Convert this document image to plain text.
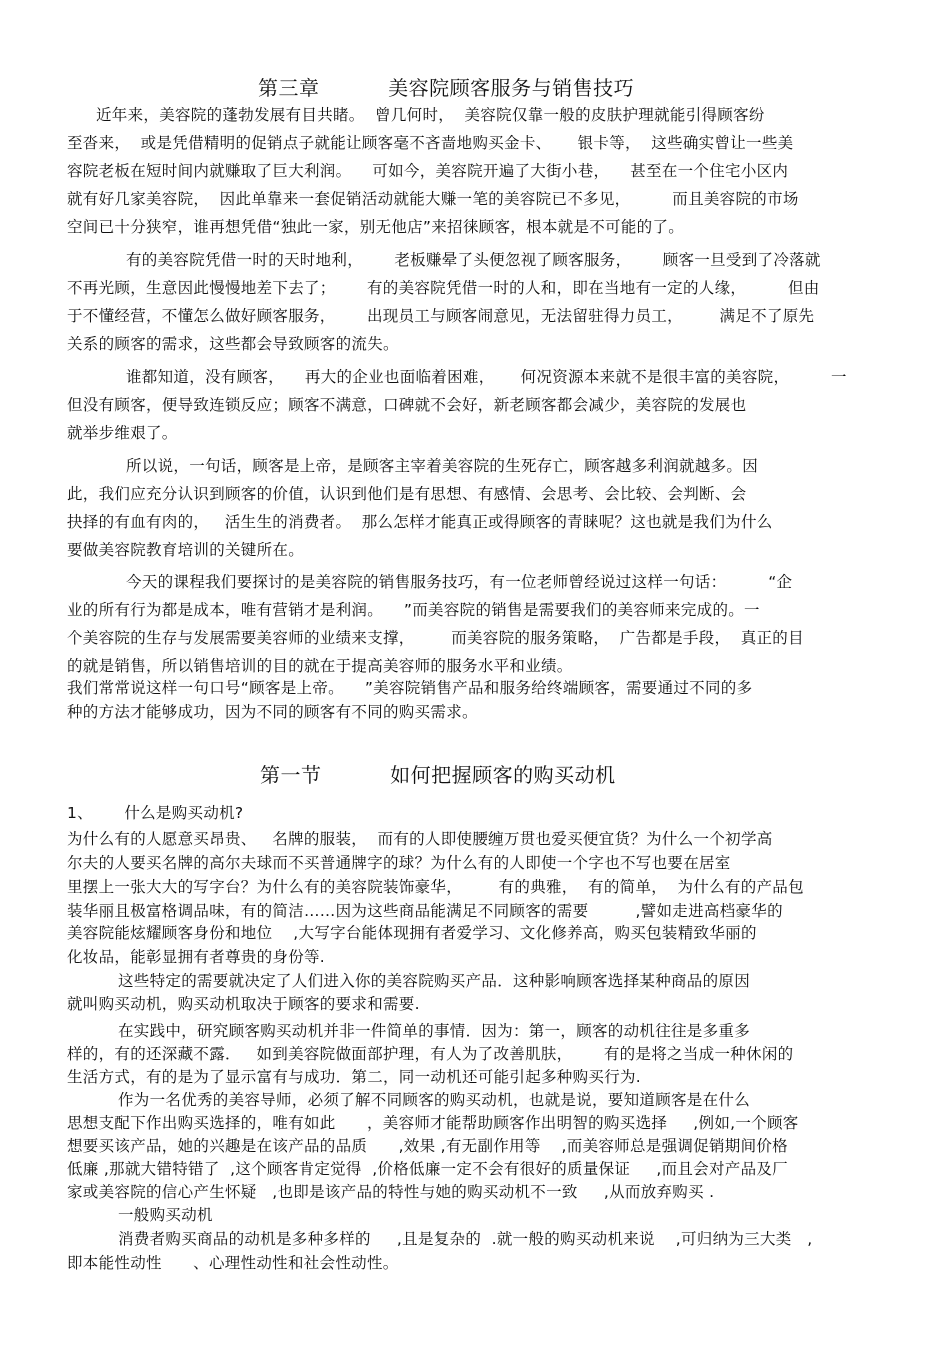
第三章          美容院顾客服务与销售技巧
近年来，美容院的蓬勃发展有目共睹。  曾几何时，  美容院仅靠一般的皮肤护理就能引得顾客纷
至沓来，  或是凭借精明的促销点子就能让顾客毫不吝啬地购买金卡、     银卡等，  这些确实曾让一些美
容院老板在短时间内就赚取了巨大利润。    可如今，美容院开遍了大街小巷，    甚至在一个住宅小区内
就有好几家美容院，  因此单靠来一套促销活动就能大赚一笔的美容院已不多见，        而且美容院的市场
空间已十分狭窄，谁再想凭借“独此一家，别无他店”来招徕顾客，根本就是不可能的了。
有的美容院凭借一时的天时地利，      老板赚晕了头便忽视了顾客服务，      顾客一旦受到了冷落就
不再光顾，生意因此慢慢地差下去了；      有的美容院凭借一时的人和，即在当地有一定的人缘，        但由
于不懂经营，不懂怎么做好顾客服务，      出现员工与顾客闹意见，无法留驻得力员工，       满足不了原先
关系的顾客的需求，这些都会导致顾客的流失。
谁都知道，没有顾客，    再大的企业也面临着困难，     何况资源本来就不是很丰富的美容院，        一
但没有顾客，便导致连锁反应；顾客不满意，口碑就不会好，新老顾客都会减少，美容院的发展也
就举步维艰了。
所以说，一句话，顾客是上帝，是顾客主宰着美容院的生死存亡，顾客越多利润就越多。因
此，我们应充分认识到顾客的价值，认识到他们是有思想、有感情、会思考、会比较、会判断、会
抉择的有血有肉的，   活生生的消费者。  那么怎样才能真正或得顾客的青睐呢？这也就是我们为什么
要做美容院教育培训的关键所在。
今天的课程我们要探讨的是美容院的销售服务技巧，有一位老师曾经说过这样一句话：        “企
业的所有行为都是成本，唯有营销才是利润。    ”而美容院的销售是需要我们的美容师来完成的。一
个美容院的生存与发展需要美容师的业绩来支撑，       而美容院的服务策略，  广告都是手段，  真正的目
的就是销售，所以销售培训的目的就在于提高美容师的服务水平和业绩。
我们常常说这样一句口号“顾客是上帝。    ”美容院销售产品和服务给终端顾客，需要通过不同的多
种的方法才能够成功，因为不同的顾客有不同的购买需求。
第一节          如何把握顾客的购买动机
1、      什么是购买动机?
为什么有的人愿意买昂贵、   名牌的服装，  而有的人即使腰缠万贯也爱买便宜货？为什么一个初学高
尔夫的人要买名牌的高尔夫球而不买普通牌字的球？为什么有的人即使一个字也不写也要在居室
里摆上一张大大的写字台？为什么有的美容院装饰豪华，       有的典雅，  有的简单，  为什么有的产品包
装华丽且极富格调品味，有的简洁……因为这些商品能满足不同顾客的需要         ,譬如走进高档豪华的
美容院能炫耀顾客身份和地位    ,大写字台能体现拥有者爱学习、文化修养高，购买包装精致华丽的
化妆品，能彰显拥有者尊贵的身份等.
这些特定的需要就决定了人们进入你的美容院购买产品．这种影响顾客选择某种商品的原因
就叫购买动机，购买动机取决于顾客的要求和需要.
在实践中，研究顾客购买动机并非一件简单的事情．因为：第一，顾客的动机往往是多重多
样的，有的还深藏不露．   如到美容院做面部护理，有人为了改善肌肤，      有的是将之当成一种休闲的
生活方式，有的是为了显示富有与成功．第二，同一动机还可能引起多种购买行为.
作为一名优秀的美容导师，必须了解不同顾客的购买动机，也就是说，要知道顾客是在什么
思想支配下作出购买选择的，唯有如此      ，美容师才能帮助顾客作出明智的购买选择     ,例如,一个顾客
想要买该产品，她的兴趣是在该产品的品质      ,效果 ,有无副作用等    ,而美容师总是强调促销期间价格
低廉 ,那就大错特错了  ,这个顾客肯定觉得  ,价格低廉一定不会有很好的质量保证     ,而且会对产品及厂
家或美容院的信心产生怀疑   ,也即是该产品的特性与她的购买动机不一致     ,从而放弃购买 .
一般购买动机
消费者购买商品的动机是多种多样的     ,且是复杂的  .就一般的购买动机来说    ,可归纳为三大类   ,
即本能性动性      、心理性动性和社会性动性。
